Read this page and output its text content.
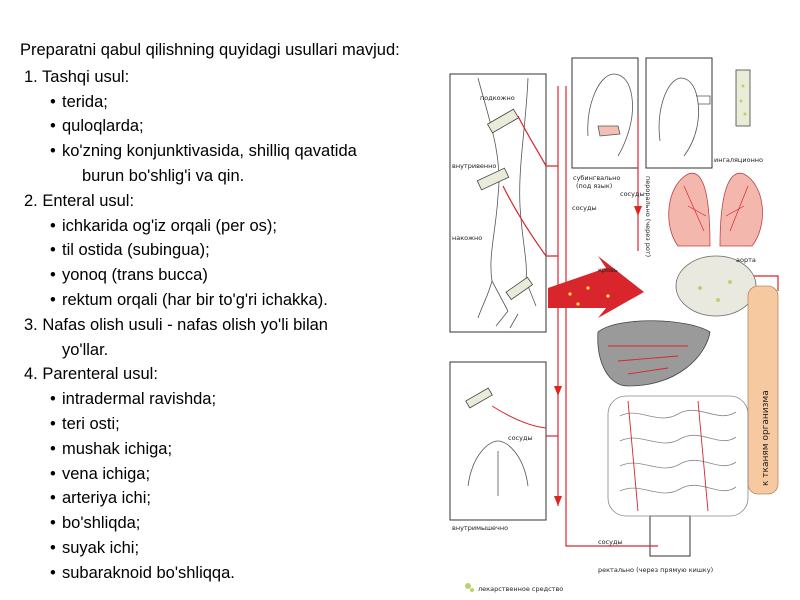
Preparatni qabul qilishning quyidagi usullari mavjud:
1. Tashqi usul:
• terida;
• quloqlarda;
• ko'zning konjunktivasida, shilliq qavatida
burun bo'shlig'i va qin.
2. Enteral usul:
• ichkarida og'iz orqali (per os);
• til ostida (subingua);
• yonoq (trans bucca)
• rektum orqali (har bir to'g'ri ichakka).
3. Nafas olish usuli - nafas olish yo'li bilan
yo'llar.
4. Parenteral usul:
• intradermal ravishda;
• teri osti;
• mushak ichiga;
• vena ichiga;
• arteriya ichi;
• bo'shliqda;
• suyak ichi;
• subaraknoid bo'shliqqa.
подкожно
внутривенно
накожно
субингвально
(под язык)
ингаляционно
перорально (через рот)
аорта
кровь
к тканям организма
сосуды
сосуды
сосуды
внутримышечно
сосуды
ректально (через прямую кишку)
лекарственное средство
